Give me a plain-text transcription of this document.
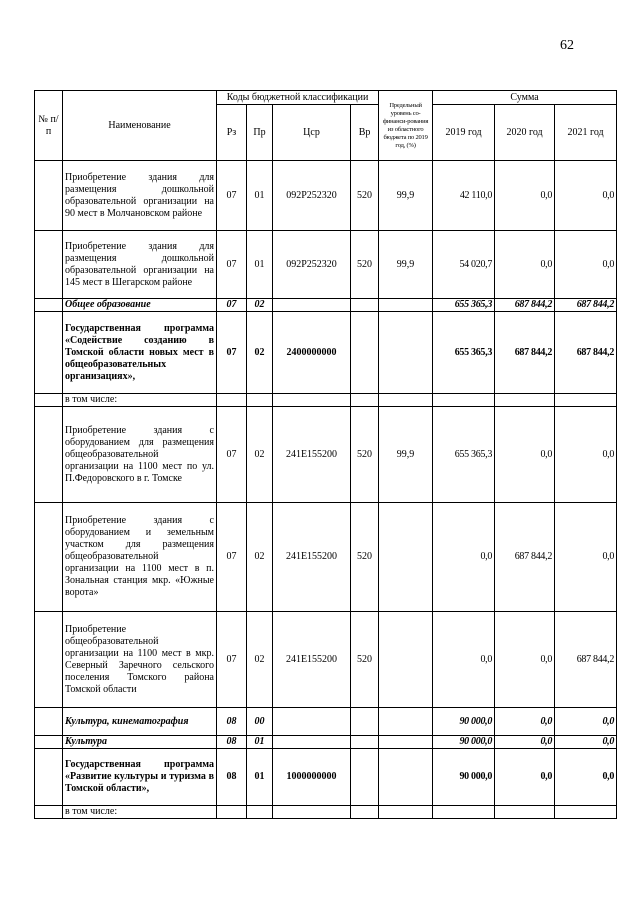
62
№ п/п	Наименование	Коды бюджетной классификации				Предельный уровень со-финанси-рования из областного бюджета по 2019 год, (%)	Сумма		
		Рз	Пр	Цср	Вр		2019 год	2020 год	2021 год
	Приобретение здания для размещения дошкольной образовательной организации на 90 мест в Молчановском районе	07	01	092P252320	520	99,9	42 110,0	0,0	0,0
	Приобретение здания для размещения дошкольной образовательной организации на 145 мест в Шегарском районе	07	01	092P252320	520	99,9	54 020,7	0,0	0,0
	Общее образование	07	02				655 365,3	687 844,2	687 844,2
	Государственная программа «Содействие созданию в Томской области новых мест в общеобразовательных организациях»,	07	02	2400000000			655 365,3	687 844,2	687 844,2
	в том числе:								
	Приобретение здания с оборудованием для размещения общеобразовательной организации на 1100 мест по ул. П.Федоровского в г. Томске	07	02	241E155200	520	99,9	655 365,3	0,0	0,0
	Приобретение здания с оборудованием и земельным участком для размещения общеобразовательной организации на 1100 мест в п. Зональная станция мкр. «Южные ворота»	07	02	241E155200	520		0,0	687 844,2	0,0
	Приобретение общеобразовательной организации на 1100 мест в мкр. Северный Заречного сельского поселения Томского района Томской области	07	02	241E155200	520		0,0	0,0	687 844,2
	Культура, кинематография	08	00				90 000,0	0,0	0,0
	Культура	08	01				90 000,0	0,0	0,0
	Государственная программа «Развитие культуры и туризма в Томской области»,	08	01	1000000000			90 000,0	0,0	0,0
	в том числе:								
